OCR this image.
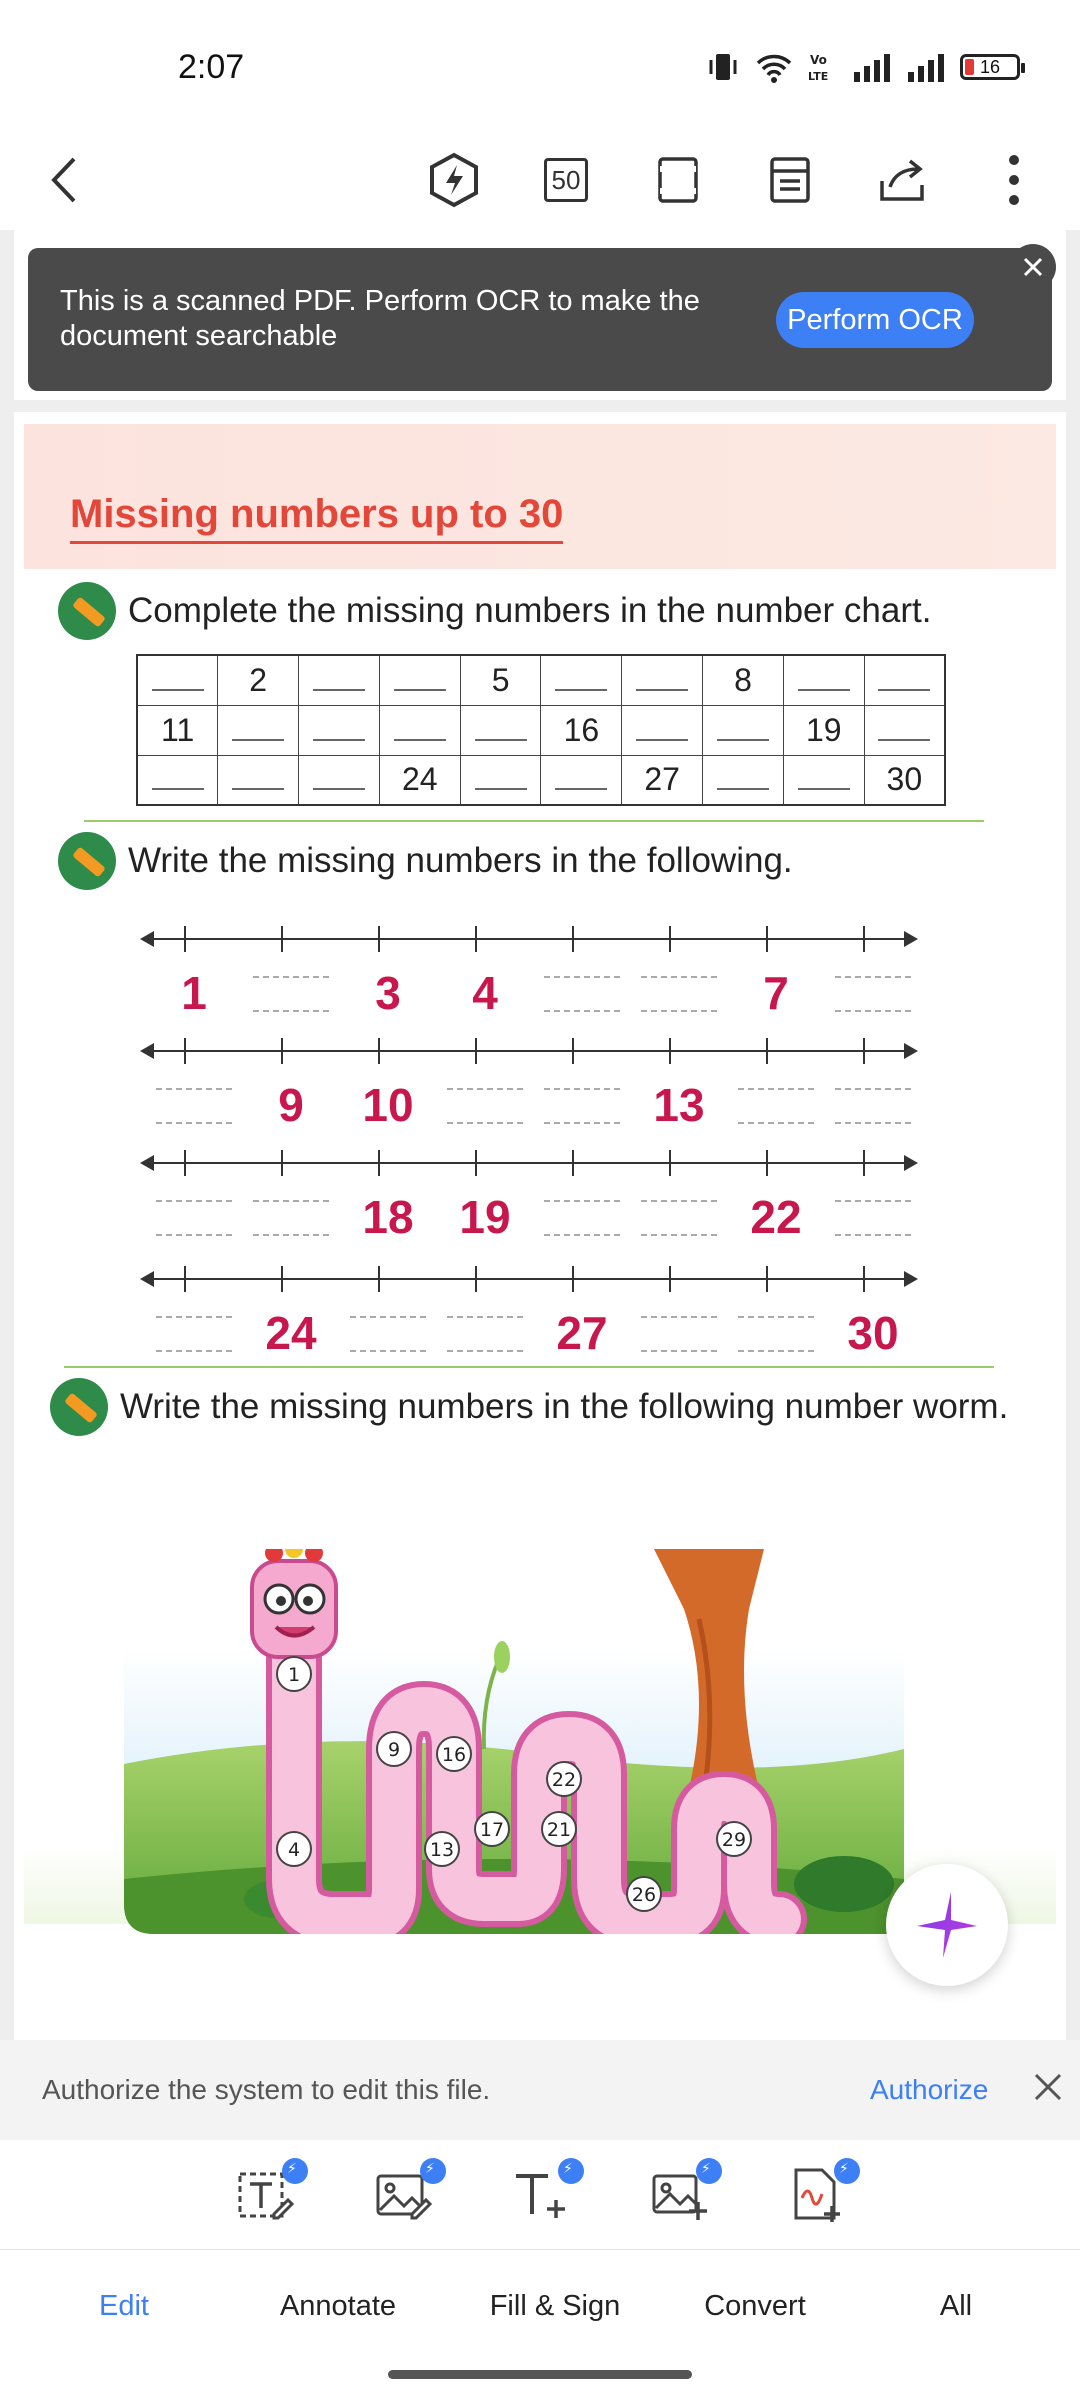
2:07	Vo
LTE	16
50
Missing numbers up to 30
Complete the missing numbers in the number chart.
	2			5			8		
11					16			19	
			24			27			30
Write the missing numbers in the following.
1	3	4	7
9	10	13
18 19	22
24	27	30
Write the missing numbers in the following number worm.
1
4
9
13
16
17 21
22
26
29
This is a scanned PDF. Perform OCR to make the document searchable
Perform OCR
Authorize the system to edit this file.	Authorize
⚡
⚡
⚡
⚡
⚡
Edit	Annotate	Fill & Sign	Convert	All
